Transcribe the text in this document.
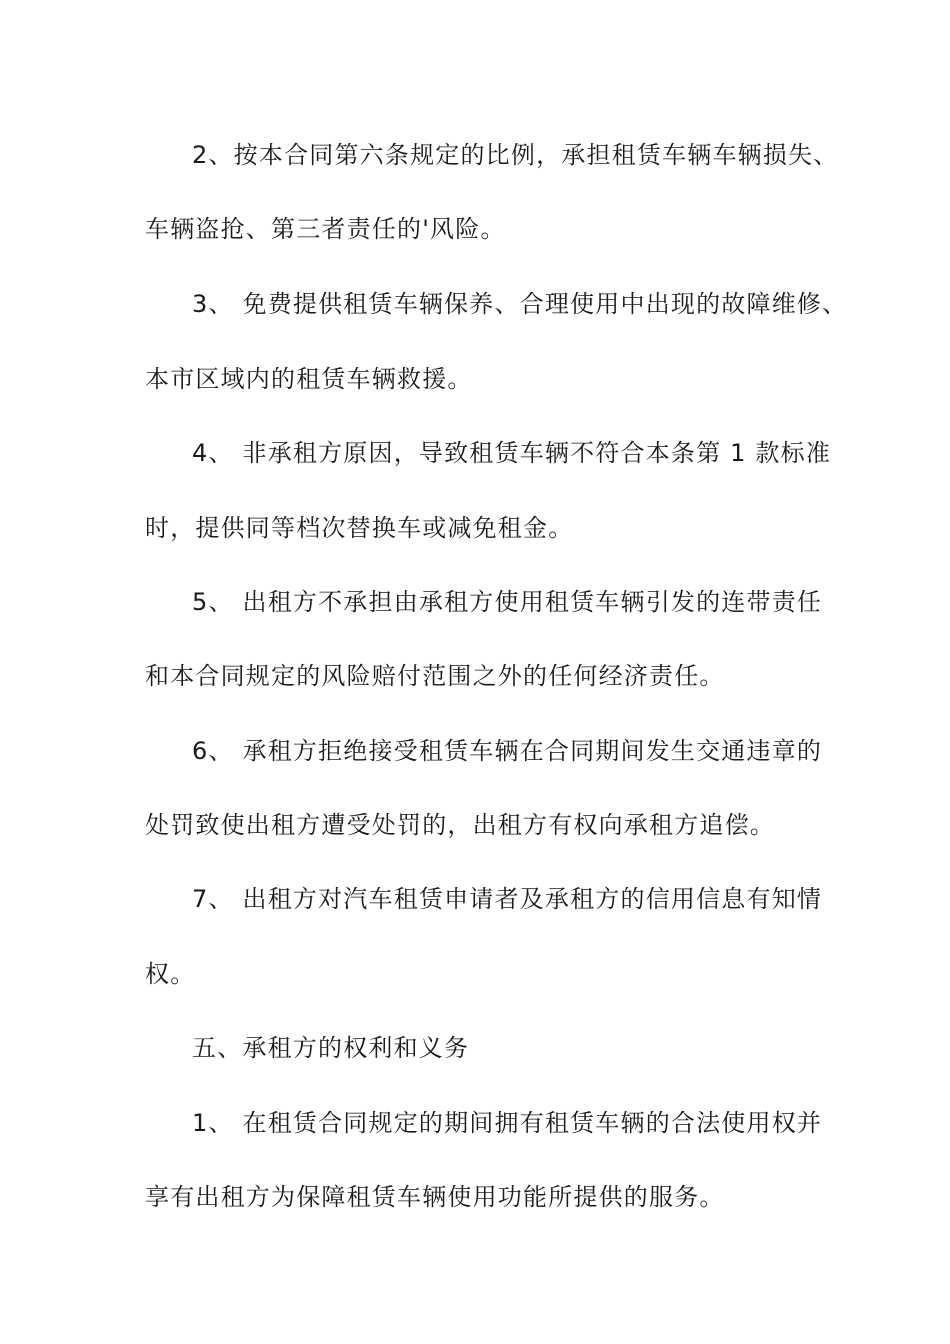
2、按本合同第六条规定的比例，承担租赁车辆车辆损失、
车辆盗抢、第三者责任的'风险。
3、 免费提供租赁车辆保养、合理使用中出现的故障维修、
本市区域内的租赁车辆救援。
4、 非承租方原因，导致租赁车辆不符合本条第 1 款标准
时，提供同等档次替换车或减免租金。
5、 出租方不承担由承租方使用租赁车辆引发的连带责任
和本合同规定的风险赔付范围之外的任何经济责任。
6、 承租方拒绝接受租赁车辆在合同期间发生交通违章的
处罚致使出租方遭受处罚的，出租方有权向承租方追偿。
7、 出租方对汽车租赁申请者及承租方的信用信息有知情
权。
五、承租方的权利和义务
1、 在租赁合同规定的期间拥有租赁车辆的合法使用权并
享有出租方为保障租赁车辆使用功能所提供的服务。
